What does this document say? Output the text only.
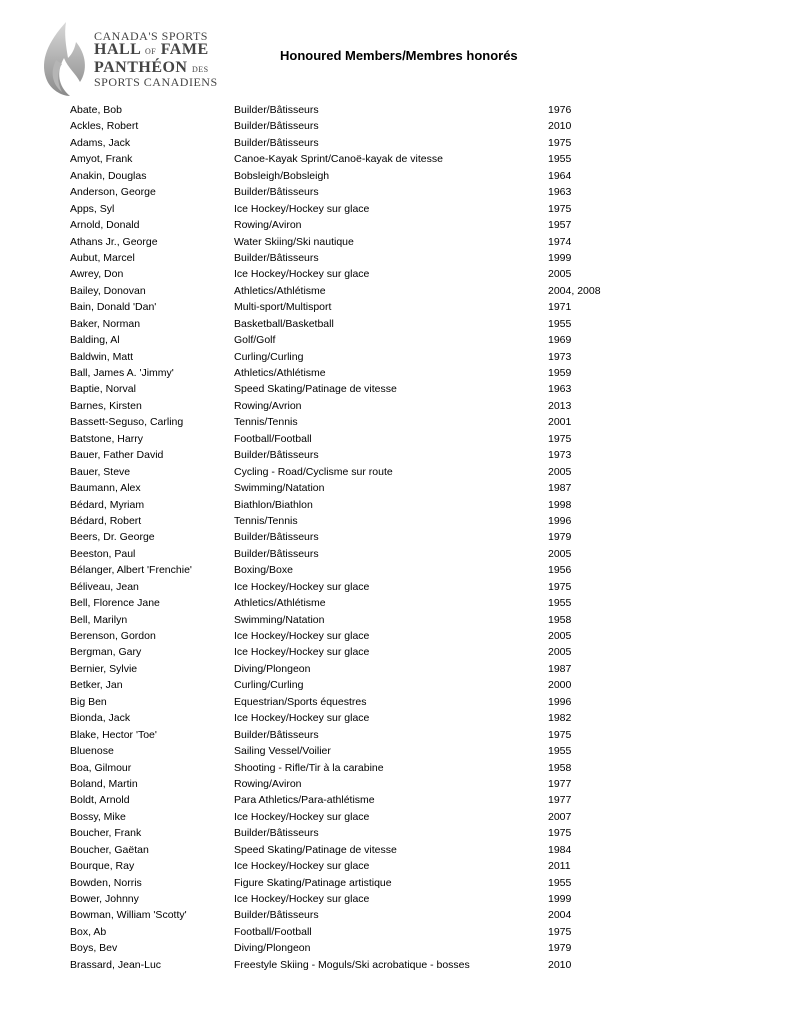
CANADA'S SPORTS
HALL OF FAME
PANTHÉON DES
SPORTS CANADIENS
Honoured Members/Membres honorés
Abate, Bob	Builder/Bâtisseurs	1976
Ackles, Robert	Builder/Bâtisseurs	2010
Adams, Jack	Builder/Bâtisseurs	1975
Amyot, Frank	Canoe-Kayak Sprint/Canoë-kayak de vitesse	1955
Anakin, Douglas	Bobsleigh/Bobsleigh	1964
Anderson, George	Builder/Bâtisseurs	1963
Apps, Syl	Ice Hockey/Hockey sur glace	1975
Arnold, Donald	Rowing/Aviron	1957
Athans Jr., George	Water Skiing/Ski nautique	1974
Aubut, Marcel	Builder/Bâtisseurs	1999
Awrey, Don	Ice Hockey/Hockey sur glace	2005
Bailey, Donovan	Athletics/Athlétisme	2004, 2008
Bain, Donald 'Dan'	Multi-sport/Multisport	1971
Baker, Norman	Basketball/Basketball	1955
Balding, Al	Golf/Golf	1969
Baldwin, Matt	Curling/Curling	1973
Ball, James A. 'Jimmy'	Athletics/Athlétisme	1959
Baptie, Norval	Speed Skating/Patinage de vitesse	1963
Barnes, Kirsten	Rowing/Avrion	2013
Bassett-Seguso, Carling	Tennis/Tennis	2001
Batstone, Harry	Football/Football	1975
Bauer, Father David	Builder/Bâtisseurs	1973
Bauer, Steve	Cycling - Road/Cyclisme sur route	2005
Baumann, Alex	Swimming/Natation	1987
Bédard, Myriam	Biathlon/Biathlon	1998
Bédard, Robert	Tennis/Tennis	1996
Beers, Dr. George	Builder/Bâtisseurs	1979
Beeston, Paul	Builder/Bâtisseurs	2005
Bélanger, Albert 'Frenchie'	Boxing/Boxe	1956
Béliveau, Jean	Ice Hockey/Hockey sur glace	1975
Bell, Florence Jane	Athletics/Athlétisme	1955
Bell, Marilyn	Swimming/Natation	1958
Berenson, Gordon	Ice Hockey/Hockey sur glace	2005
Bergman, Gary	Ice Hockey/Hockey sur glace	2005
Bernier, Sylvie	Diving/Plongeon	1987
Betker, Jan	Curling/Curling	2000
Big Ben	Equestrian/Sports équestres	1996
Bionda, Jack	Ice Hockey/Hockey sur glace	1982
Blake, Hector 'Toe'	Builder/Bâtisseurs	1975
Bluenose	Sailing Vessel/Voilier	1955
Boa, Gilmour	Shooting - Rifle/Tir à la carabine	1958
Boland, Martin	Rowing/Aviron	1977
Boldt, Arnold	Para Athletics/Para-athlétisme	1977
Bossy, Mike	Ice Hockey/Hockey sur glace	2007
Boucher, Frank	Builder/Bâtisseurs	1975
Boucher, Gaëtan	Speed Skating/Patinage de vitesse	1984
Bourque, Ray	Ice Hockey/Hockey sur glace	2011
Bowden, Norris	Figure Skating/Patinage artistique	1955
Bower, Johnny	Ice Hockey/Hockey sur glace	1999
Bowman, William 'Scotty'	Builder/Bâtisseurs	2004
Box, Ab	Football/Football	1975
Boys, Bev	Diving/Plongeon	1979
Brassard, Jean-Luc	Freestyle Skiing - Moguls/Ski acrobatique - bosses	2010
